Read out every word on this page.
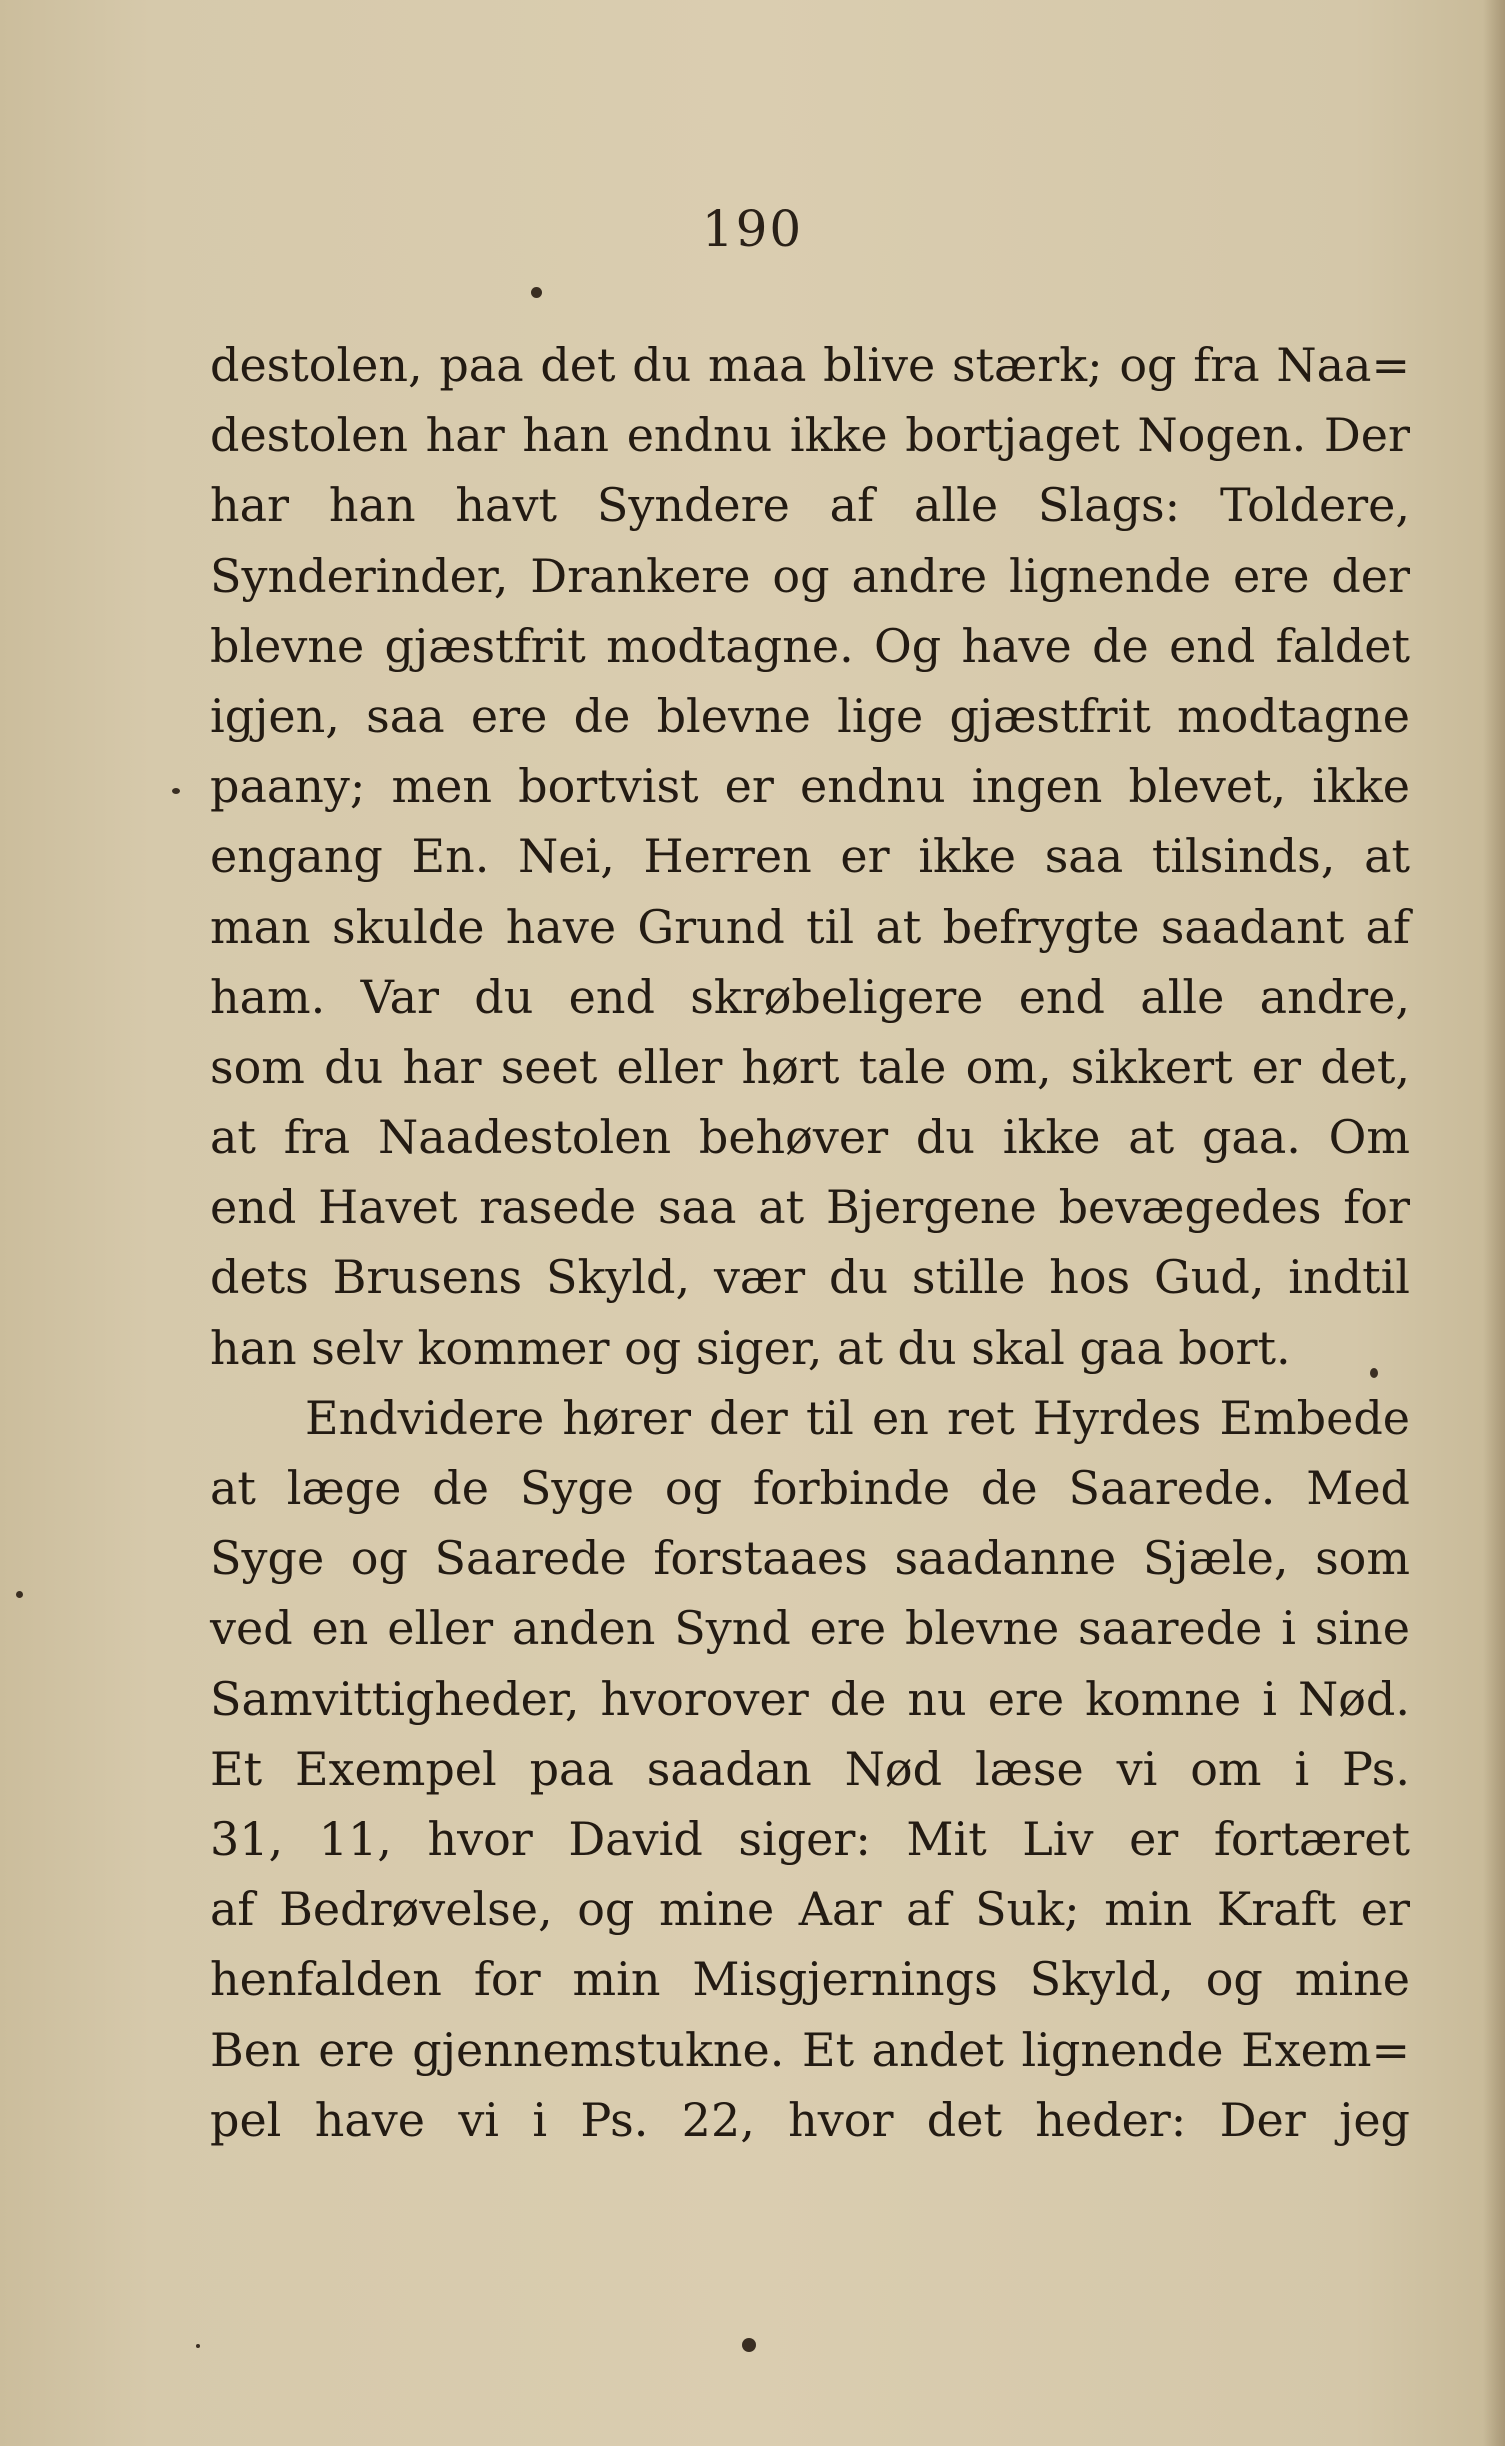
190
destolen, paa det du maa blive stærk; og fra Naa=
destolen har han endnu ikke bortjaget Nogen. Der
har han havt Syndere af alle Slags: Toldere,
Synderinder, Drankere og andre lignende ere der
blevne gjæstfrit modtagne. Og have de end faldet
igjen, saa ere de blevne lige gjæstfrit modtagne
paany; men bortvist er endnu ingen blevet, ikke
engang En. Nei, Herren er ikke saa tilsinds, at
man skulde have Grund til at befrygte saadant af
ham. Var du end skrøbeligere end alle andre,
som du har seet eller hørt tale om, sikkert er det,
at fra Naadestolen behøver du ikke at gaa. Om
end Havet rasede saa at Bjergene bevægedes for
dets Brusens Skyld, vær du stille hos Gud, indtil
han selv kommer og siger, at du skal gaa bort.
Endvidere hører der til en ret Hyrdes Embede
at læge de Syge og forbinde de Saarede. Med
Syge og Saarede forstaaes saadanne Sjæle, som
ved en eller anden Synd ere blevne saarede i sine
Samvittigheder, hvorover de nu ere komne i Nød.
Et Exempel paa saadan Nød læse vi om i Ps.
31, 11, hvor David siger: Mit Liv er fortæret
af Bedrøvelse, og mine Aar af Suk; min Kraft er
henfalden for min Misgjernings Skyld, og mine
Ben ere gjennemstukne. Et andet lignende Exem=
pel have vi i Ps. 22, hvor det heder: Der jeg
